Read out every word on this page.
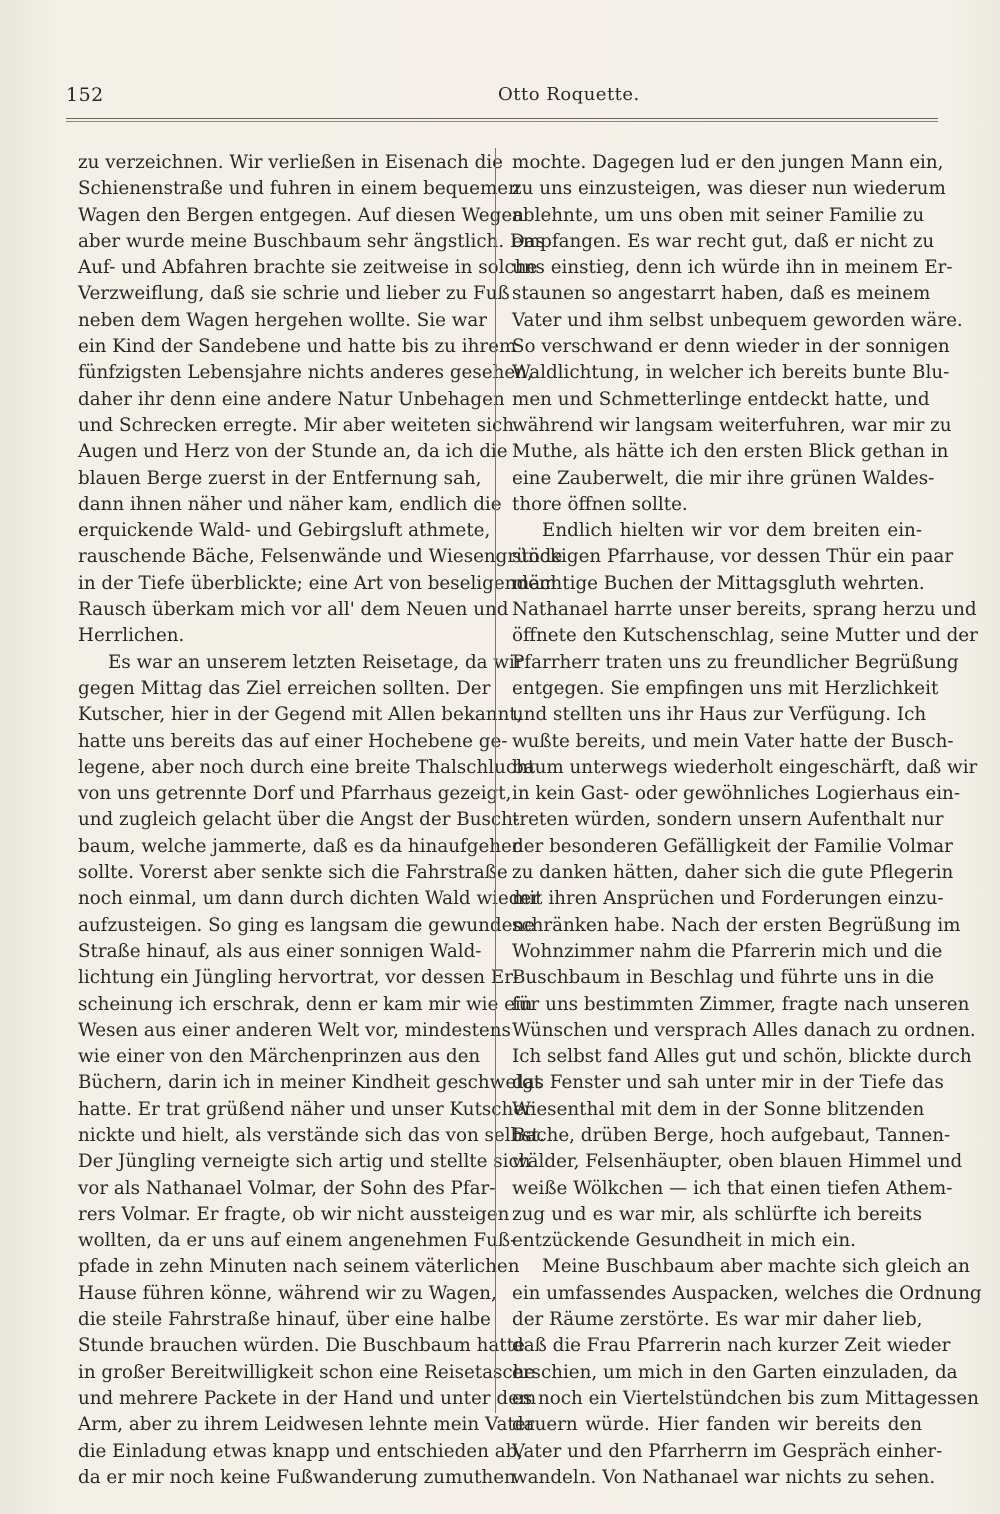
152	Otto Roquette.
zu verzeichnen. Wir verließen in Eisenach die
Schienenstraße und fuhren in einem bequemen
Wagen den Bergen entgegen. Auf diesen Wegen
aber wurde meine Buschbaum sehr ängstlich. Das
Auf- und Abfahren brachte sie zeitweise in solche
Verzweiflung, daß sie schrie und lieber zu Fuß
neben dem Wagen hergehen wollte. Sie war
ein Kind der Sandebene und hatte bis zu ihrem
fünfzigsten Lebensjahre nichts anderes gesehen,
daher ihr denn eine andere Natur Unbehagen
und Schrecken erregte. Mir aber weiteten sich
Augen und Herz von der Stunde an, da ich die
blauen Berge zuerst in der Entfernung sah,
dann ihnen näher und näher kam, endlich die
erquickende Wald- und Gebirgsluft athmete,
rauschende Bäche, Felsenwände und Wiesengründe
in der Tiefe überblickte; eine Art von beseligendem
Rausch überkam mich vor all' dem Neuen und
Herrlichen.
Es war an unserem letzten Reisetage, da wir
gegen Mittag das Ziel erreichen sollten. Der
Kutscher, hier in der Gegend mit Allen bekannt,
hatte uns bereits das auf einer Hochebene ge-
legene, aber noch durch eine breite Thalschlucht
von uns getrennte Dorf und Pfarrhaus gezeigt,
und zugleich gelacht über die Angst der Busch-
baum, welche jammerte, daß es da hinaufgehen
sollte. Vorerst aber senkte sich die Fahrstraße
noch einmal, um dann durch dichten Wald wieder
aufzusteigen. So ging es langsam die gewundene
Straße hinauf, als aus einer sonnigen Wald-
lichtung ein Jüngling hervortrat, vor dessen Er-
scheinung ich erschrak, denn er kam mir wie ein
Wesen aus einer anderen Welt vor, mindestens
wie einer von den Märchenprinzen aus den
Büchern, darin ich in meiner Kindheit geschwelgt
hatte. Er trat grüßend näher und unser Kutscher
nickte und hielt, als verstände sich das von selbst.
Der Jüngling verneigte sich artig und stellte sich
vor als Nathanael Volmar, der Sohn des Pfar-
rers Volmar. Er fragte, ob wir nicht aussteigen
wollten, da er uns auf einem angenehmen Fuß-
pfade in zehn Minuten nach seinem väterlichen
Hause führen könne, während wir zu Wagen,
die steile Fahrstraße hinauf, über eine halbe
Stunde brauchen würden. Die Buschbaum hatte
in großer Bereitwilligkeit schon eine Reisetasche
und mehrere Packete in der Hand und unter dem
Arm, aber zu ihrem Leidwesen lehnte mein Vater
die Einladung etwas knapp und entschieden ab,
da er mir noch keine Fußwanderung zumuthen
mochte. Dagegen lud er den jungen Mann ein,
zu uns einzusteigen, was dieser nun wiederum
ablehnte, um uns oben mit seiner Familie zu
empfangen. Es war recht gut, daß er nicht zu
uns einstieg, denn ich würde ihn in meinem Er-
staunen so angestarrt haben, daß es meinem
Vater und ihm selbst unbequem geworden wäre.
So verschwand er denn wieder in der sonnigen
Waldlichtung, in welcher ich bereits bunte Blu-
men und Schmetterlinge entdeckt hatte, und
während wir langsam weiterfuhren, war mir zu
Muthe, als hätte ich den ersten Blick gethan in
eine Zauberwelt, die mir ihre grünen Waldes-
thore öffnen sollte.
Endlich hielten wir vor dem breiten ein-
stöckigen Pfarrhause, vor dessen Thür ein paar
mächtige Buchen der Mittagsgluth wehrten.
Nathanael harrte unser bereits, sprang herzu und
öffnete den Kutschenschlag, seine Mutter und der
Pfarrherr traten uns zu freundlicher Begrüßung
entgegen. Sie empfingen uns mit Herzlichkeit
und stellten uns ihr Haus zur Verfügung. Ich
wußte bereits, und mein Vater hatte der Busch-
baum unterwegs wiederholt eingeschärft, daß wir
in kein Gast- oder gewöhnliches Logierhaus ein-
treten würden, sondern unsern Aufenthalt nur
der besonderen Gefälligkeit der Familie Volmar
zu danken hätten, daher sich die gute Pflegerin
mit ihren Ansprüchen und Forderungen einzu-
schränken habe. Nach der ersten Begrüßung im
Wohnzimmer nahm die Pfarrerin mich und die
Buschbaum in Beschlag und führte uns in die
für uns bestimmten Zimmer, fragte nach unseren
Wünschen und versprach Alles danach zu ordnen.
Ich selbst fand Alles gut und schön, blickte durch
das Fenster und sah unter mir in der Tiefe das
Wiesenthal mit dem in der Sonne blitzenden
Bache, drüben Berge, hoch aufgebaut, Tannen-
wälder, Felsenhäupter, oben blauen Himmel und
weiße Wölkchen — ich that einen tiefen Athem-
zug und es war mir, als schlürfte ich bereits
entzückende Gesundheit in mich ein.
Meine Buschbaum aber machte sich gleich an
ein umfassendes Auspacken, welches die Ordnung
der Räume zerstörte. Es war mir daher lieb,
daß die Frau Pfarrerin nach kurzer Zeit wieder
erschien, um mich in den Garten einzuladen, da
es noch ein Viertelstündchen bis zum Mittagessen
dauern würde. Hier fanden wir bereits den
Vater und den Pfarrherrn im Gespräch einher-
wandeln. Von Nathanael war nichts zu sehen.
